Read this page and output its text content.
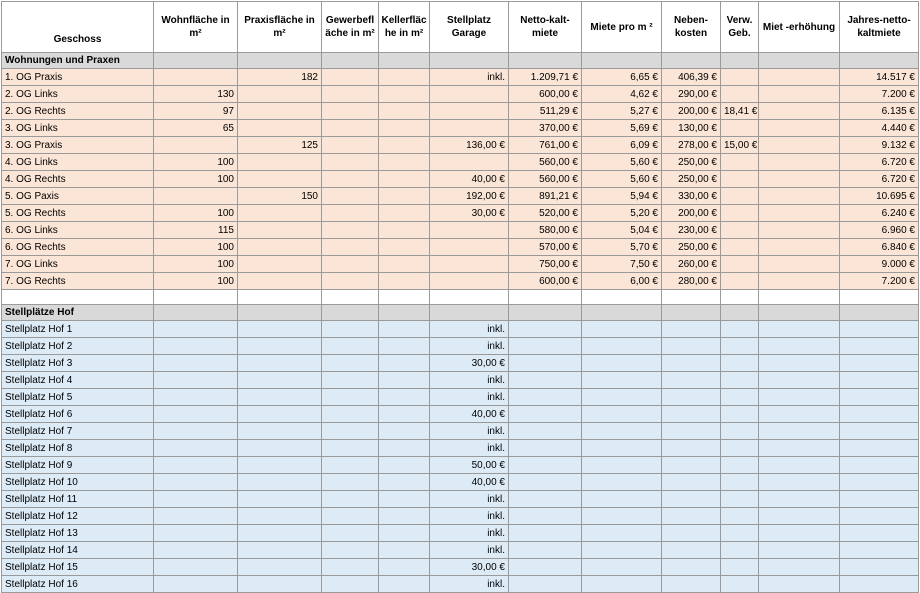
Geschoss	Wohnfläche in m²	Praxisfläche in m²	Gewerbefl äche in m²	Kellerfläc he in m²	Stellplatz Garage	Netto-kalt-miete	Miete pro m ²	Neben-kosten	Verw. Geb.	Miet -erhöhung	Jahres-netto-kaltmiete
Wohnungen und Praxen											
1. OG Praxis		182			inkl.	1.209,71 €	6,65 €	406,39 €			14.517 €
2. OG Links	130					600,00 €	4,62 €	290,00 €			7.200 €
2. OG Rechts	97					511,29 €	5,27 €	200,00 €	18,41 €		6.135 €
3. OG Links	65					370,00 €	5,69 €	130,00 €			4.440 €
3. OG Praxis		125			136,00 €	761,00 €	6,09 €	278,00 €	15,00 €		9.132 €
4. OG Links	100					560,00 €	5,60 €	250,00 €			6.720 €
4. OG Rechts	100				40,00 €	560,00 €	5,60 €	250,00 €			6.720 €
5. OG Paxis		150			192,00 €	891,21 €	5,94 €	330,00 €			10.695 €
5. OG Rechts	100				30,00 €	520,00 €	5,20 €	200,00 €			6.240 €
6. OG Links	115					580,00 €	5,04 €	230,00 €			6.960 €
6. OG Rechts	100					570,00 €	5,70 €	250,00 €			6.840 €
7. OG Links	100					750,00 €	7,50 €	260,00 €			9.000 €
7. OG Rechts	100					600,00 €	6,00 €	280,00 €			7.200 €

Stellplätze Hof											
Stellplatz Hof 1					inkl.						
Stellplatz Hof 2					inkl.						
Stellplatz Hof 3					30,00 €						
Stellplatz Hof 4					inkl.						
Stellplatz Hof 5					inkl.						
Stellplatz Hof 6					40,00 €						
Stellplatz Hof 7					inkl.						
Stellplatz Hof 8					inkl.						
Stellplatz Hof 9					50,00 €						
Stellplatz Hof 10					40,00 €						
Stellplatz Hof 11					inkl.						
Stellplatz Hof 12					inkl.						
Stellplatz Hof 13					inkl.						
Stellplatz Hof 14					inkl.						
Stellplatz Hof 15					30,00 €						
Stellplatz Hof 16					inkl.						
